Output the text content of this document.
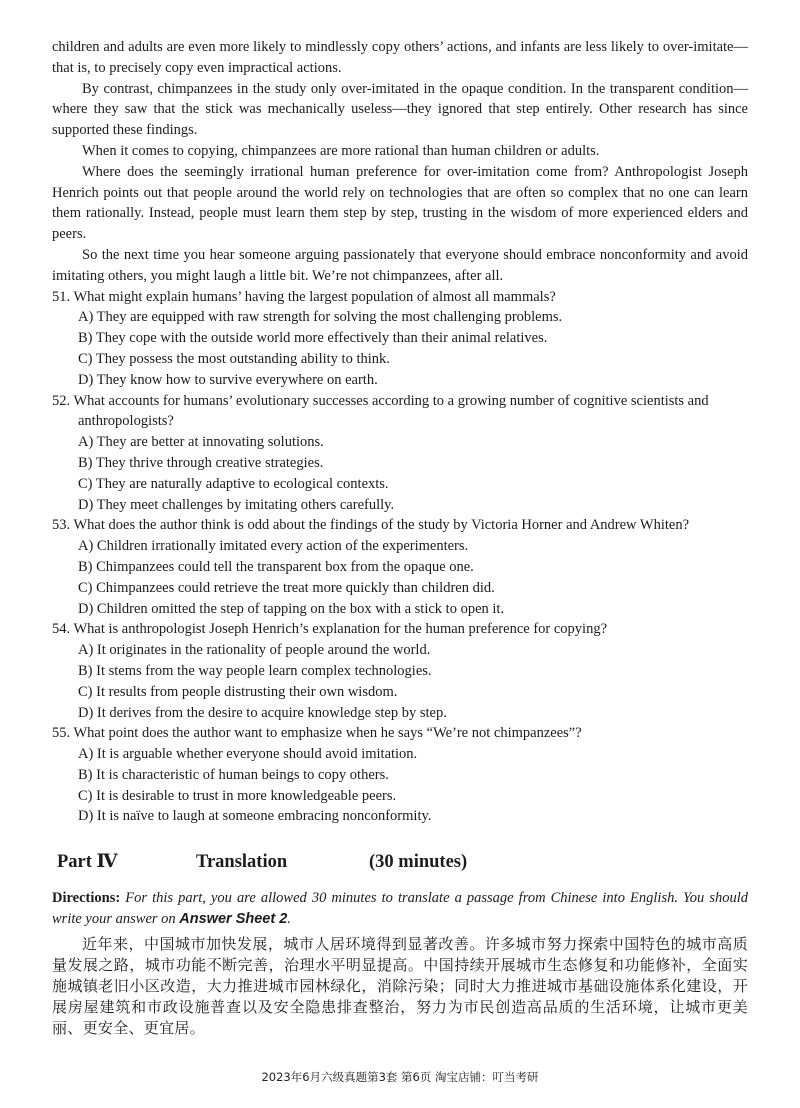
children and adults are even more likely to mindlessly copy others’ actions, and infants are less likely to over-imitate—that is, to precisely copy even impractical actions.

By contrast, chimpanzees in the study only over-imitated in the opaque condition. In the transparent condition—where they saw that the stick was mechanically useless—they ignored that step entirely. Other research has since supported these findings.

When it comes to copying, chimpanzees are more rational than human children or adults.

Where does the seemingly irrational human preference for over-imitation come from? Anthropologist Joseph Henrich points out that people around the world rely on technologies that are often so complex that no one can learn them rationally. Instead, people must learn them step by step, trusting in the wisdom of more experienced elders and peers.

So the next time you hear someone arguing passionately that everyone should embrace nonconformity and avoid imitating others, you might laugh a little bit. We’re not chimpanzees, after all.

51. What might explain humans’ having the largest population of almost all mammals?

A) They are equipped with raw strength for solving the most challenging problems.

B) They cope with the outside world more effectively than their animal relatives.

C) They possess the most outstanding ability to think.

D) They know how to survive everywhere on earth.

52. What accounts for humans’ evolutionary successes according to a growing number of cognitive scientists and anthropologists?

A) They are better at innovating solutions.

B) They thrive through creative strategies.

C) They are naturally adaptive to ecological contexts.

D) They meet challenges by imitating others carefully.

53. What does the author think is odd about the findings of the study by Victoria Horner and Andrew Whiten?

A) Children irrationally imitated every action of the experimenters.

B) Chimpanzees could tell the transparent box from the opaque one.

C) Chimpanzees could retrieve the treat more quickly than children did.

D) Children omitted the step of tapping on the box with a stick to open it.

54. What is anthropologist Joseph Henrich’s explanation for the human preference for copying?

A) It originates in the rationality of people around the world.

B) It stems from the way people learn complex technologies.

C) It results from people distrusting their own wisdom.

D) It derives from the desire to acquire knowledge step by step.

55. What point does the author want to emphasize when he says “We’re not chimpanzees”?

A) It is arguable whether everyone should avoid imitation.

B) It is characteristic of human beings to copy others.

C) It is desirable to trust in more knowledgeable peers.

D) It is naïve to laugh at someone embracing nonconformity.

Part Ⅳ	Translation	(30 minutes)

Directions: For this part, you are allowed 30 minutes to translate a passage from Chinese into English. You should write your answer on Answer Sheet 2.

近年来，中国城市加快发展，城市人居环境得到显著改善。许多城市努力探索中国特色的城市高质量发展之路，城市功能不断完善，治理水平明显提高。中国持续开展城市生态修复和功能修补，全面实施城镇老旧小区改造，大力推进城市园林绿化，消除污染；同时大力推进城市基础设施体系化建设，开展房屋建筑和市政设施普查以及安全隐患排查整治，努力为市民创造高品质的生活环境，让城市更美丽、更安全、更宜居。

2023年6月六级真题第3套 第6页 淘宝店铺：叮当考研
